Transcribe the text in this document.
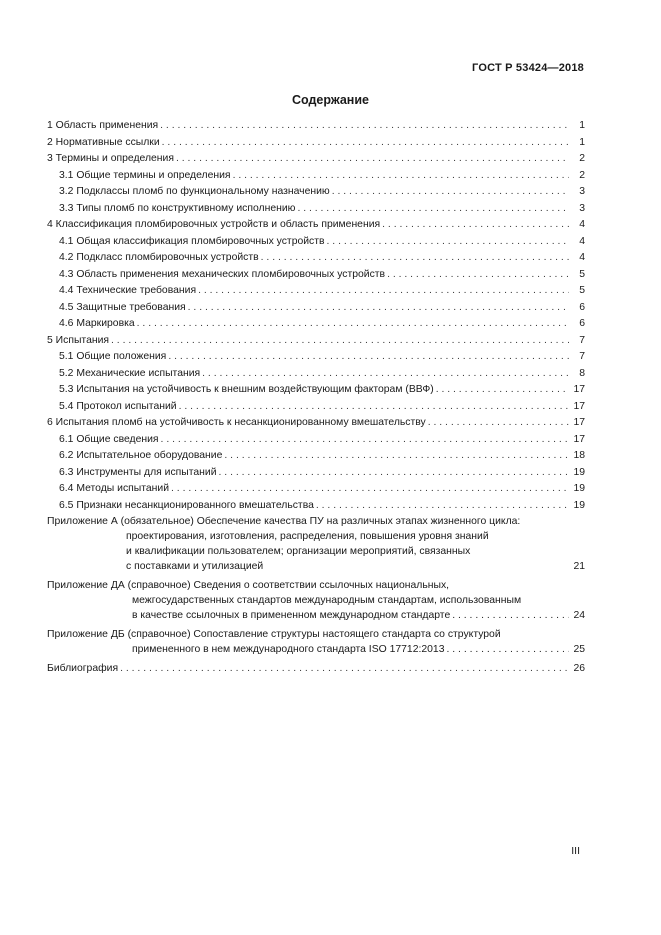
ГОСТ Р 53424—2018
Содержание
1 Область применения . . .	1
2 Нормативные ссылки . . .	1
3 Термины и определения . . .	2
3.1 Общие термины и определения . . .	2
3.2 Подклассы пломб по функциональному назначению . . .	3
3.3 Типы пломб по конструктивному исполнению . . .	3
4 Классификация пломбировочных устройств и область применения . . .	4
4.1 Общая классификация пломбировочных устройств . . .	4
4.2 Подкласс пломбировочных устройств . . .	4
4.3 Область применения механических пломбировочных устройств . . .	5
4.4 Технические требования . . .	5
4.5 Защитные требования . . .	6
4.6 Маркировка . . .	6
5 Испытания . . .	7
5.1 Общие положения . . .	7
5.2 Механические испытания . . .	8
5.3 Испытания на устойчивость к внешним воздействующим факторам (ВВФ) . . .	17
5.4 Протокол испытаний . . .	17
6 Испытания пломб на устойчивость к несанкционированному вмешательству . . .	17
6.1 Общие сведения . . .	17
6.2 Испытательное оборудование . . .	18
6.3 Инструменты для испытаний . . .	19
6.4 Методы испытаний . . .	19
6.5 Признаки несанкционированного вмешательства . . .	19
Приложение А (обязательное) Обеспечение качества ПУ на различных этапах жизненного цикла:
проектирования, изготовления, распределения, повышения уровня знаний
и квалификации пользователем; организации мероприятий, связанных
с поставками и утилизацией	21
Приложение ДА (справочное) Сведения о соответствии ссылочных национальных,
межгосударственных стандартов международным стандартам, использованным
в качестве ссылочных в примененном международном стандарте . . .	24
Приложение ДБ (справочное) Сопоставление структуры настоящего стандарта со структурой
примененного в нем международного стандарта ISO 17712:2013 . . .	25
Библиография . . .	26
III
